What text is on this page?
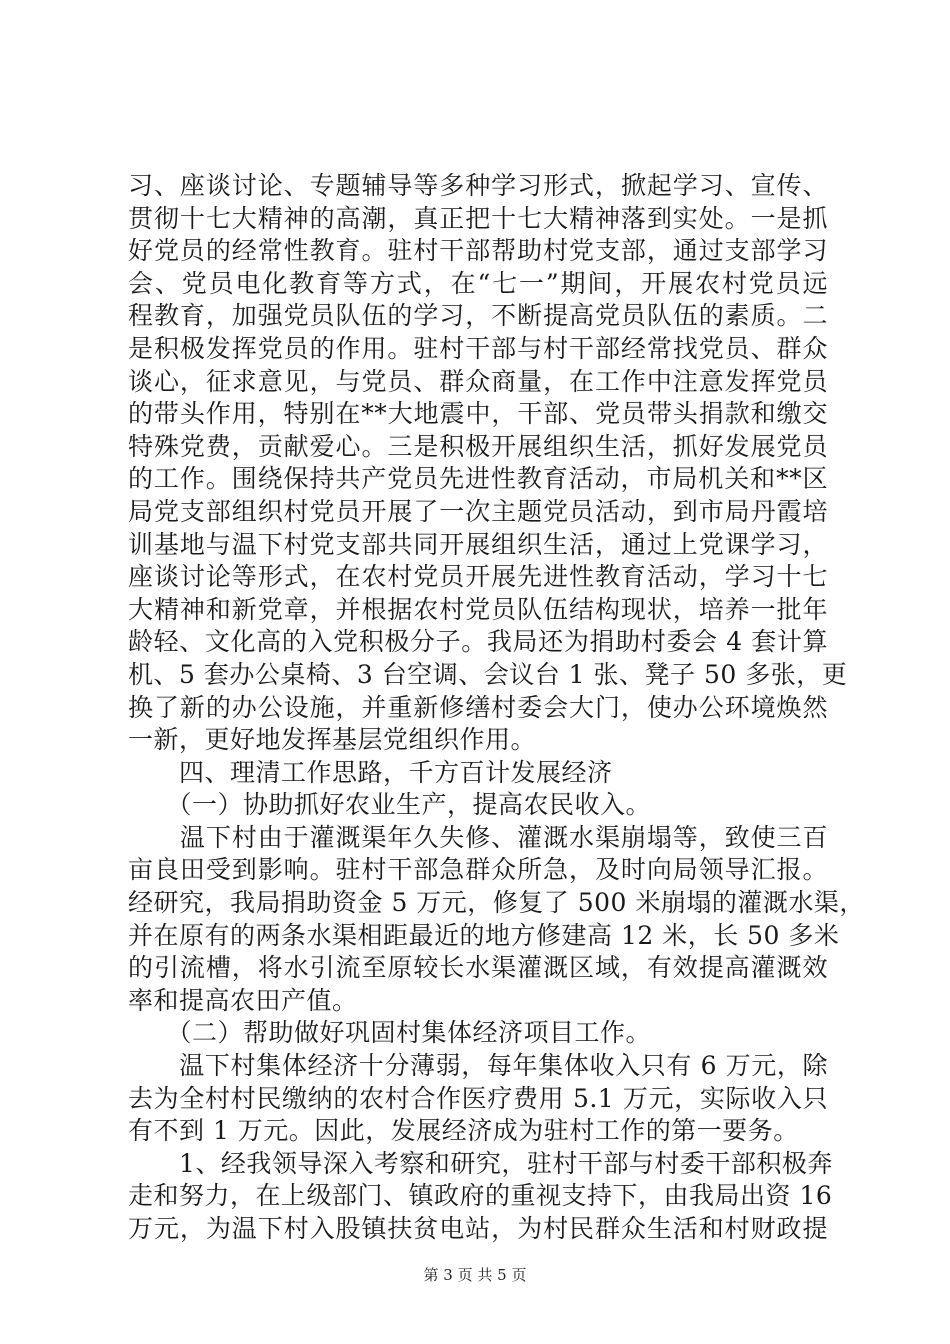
习、座谈讨论、专题辅导等多种学习形式，掀起学习、宣传、
贯彻十七大精神的高潮，真正把十七大精神落到实处。一是抓
好党员的经常性教育。驻村干部帮助村党支部，通过支部学习
会、党员电化教育等方式，在“七一”期间，开展农村党员远
程教育，加强党员队伍的学习，不断提高党员队伍的素质。二
是积极发挥党员的作用。驻村干部与村干部经常找党员、群众
谈心，征求意见，与党员、群众商量，在工作中注意发挥党员
的带头作用，特别在**大地震中，干部、党员带头捐款和缴交
特殊党费，贡献爱心。三是积极开展组织生活，抓好发展党员
的工作。围绕保持共产党员先进性教育活动，市局机关和**区
局党支部组织村党员开展了一次主题党员活动，到市局丹霞培
训基地与温下村党支部共同开展组织生活，通过上党课学习，
座谈讨论等形式，在农村党员开展先进性教育活动，学习十七
大精神和新党章，并根据农村党员队伍结构现状，培养一批年
龄轻、文化高的入党积极分子。我局还为捐助村委会 4 套计算
机、5 套办公桌椅、3 台空调、会议台 1 张、凳子 50 多张，更
换了新的办公设施，并重新修缮村委会大门，使办公环境焕然
一新，更好地发挥基层党组织作用。
　　四、理清工作思路，千方百计发展经济
　　（一）协助抓好农业生产，提高农民收入。
　　温下村由于灌溉渠年久失修、灌溉水渠崩塌等，致使三百
亩良田受到影响。驻村干部急群众所急，及时向局领导汇报。
经研究，我局捐助资金 5 万元，修复了 500 米崩塌的灌溉水渠，
并在原有的两条水渠相距最近的地方修建高 12 米，长 50 多米
的引流槽，将水引流至原较长水渠灌溉区域，有效提高灌溉效
率和提高农田产值。
　　（二）帮助做好巩固村集体经济项目工作。
　　温下村集体经济十分薄弱，每年集体收入只有 6 万元，除
去为全村村民缴纳的农村合作医疗费用 5.1 万元，实际收入只
有不到 1 万元。因此，发展经济成为驻村工作的第一要务。
　　1、经我领导深入考察和研究，驻村干部与村委干部积极奔
走和努力，在上级部门、镇政府的重视支持下，由我局出资 16
万元，为温下村入股镇扶贫电站，为村民群众生活和村财政提
第 3 页 共 5 页
